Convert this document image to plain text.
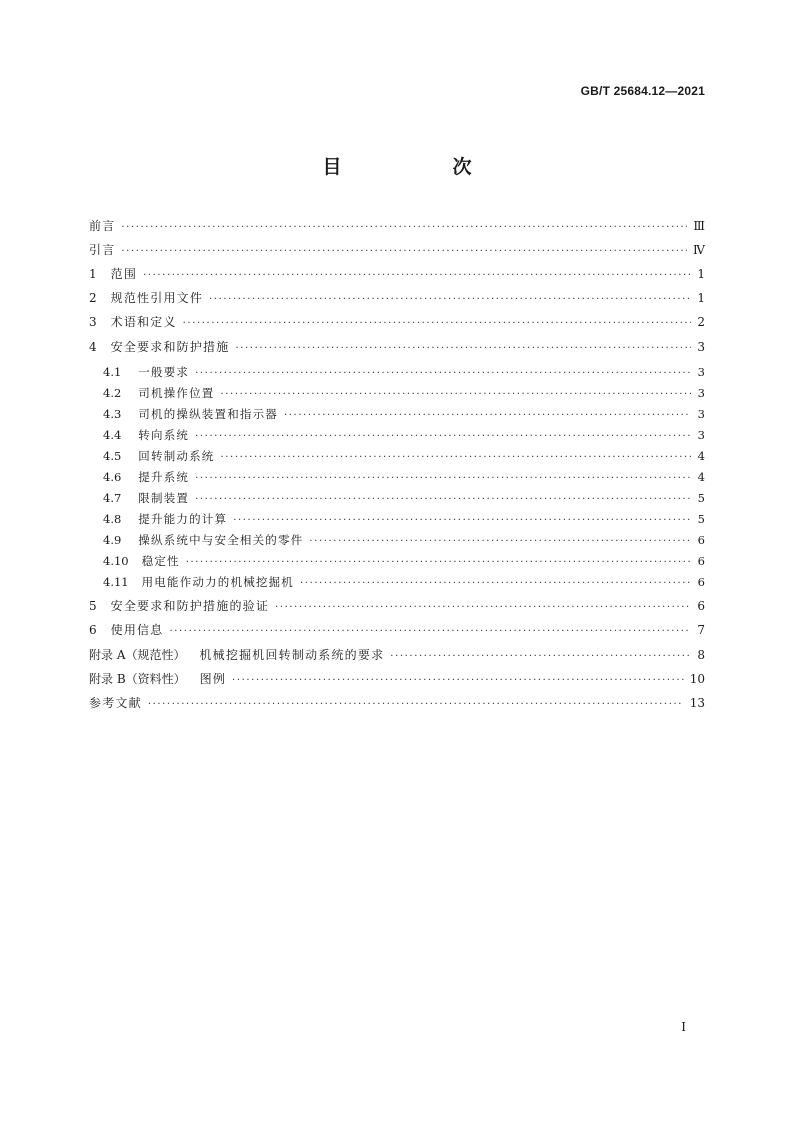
GB/T 25684.12—2021
目　次
前言 ·····	Ⅲ
引言 ·····	Ⅳ
1 范围 ·····	1
2 规范性引用文件 ·····	1
3 术语和定义 ·····	2
4 安全要求和防护措施 ·····	3
4.1 一般要求 ·····	3
4.2 司机操作位置 ·····	3
4.3 司机的操纵装置和指示器 ·····	3
4.4 转向系统 ·····	3
4.5 回转制动系统 ·····	4
4.6 提升系统 ·····	4
4.7 限制装置 ·····	5
4.8 提升能力的计算 ·····	5
4.9 操纵系统中与安全相关的零件 ·····	6
4.10 稳定性 ·····	6
4.11 用电能作动力的机械挖掘机 ·····	6
5 安全要求和防护措施的验证 ·····	6
6 使用信息 ·····	7
附录 A（规范性） 机械挖掘机回转制动系统的要求 ·····	8
附录 B（资料性） 图例 ·····	10
参考文献 ·····	13
I
